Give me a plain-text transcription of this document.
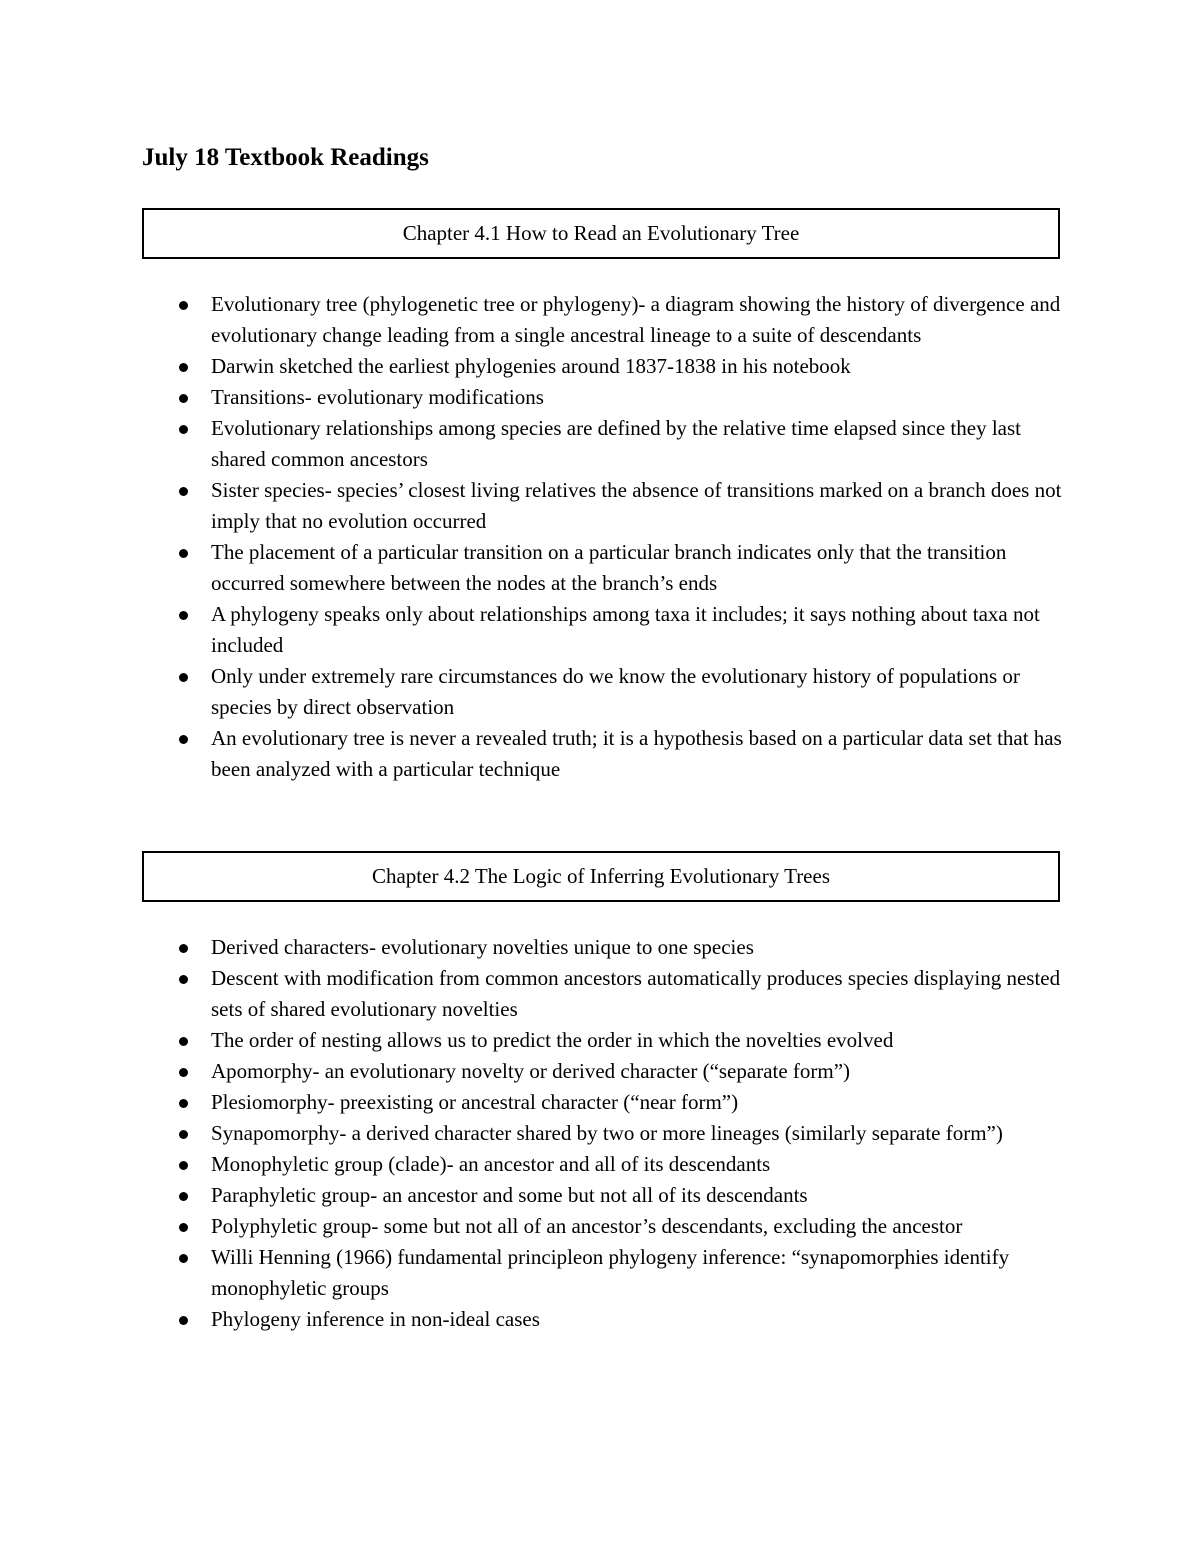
July 18 Textbook Readings
Chapter 4.1 How to Read an Evolutionary Tree
Evolutionary tree (phylogenetic tree or phylogeny)- a diagram showing the history of divergence and evolutionary change leading from a single ancestral lineage to a suite of descendants
Darwin sketched the earliest phylogenies around 1837-1838 in his notebook
Transitions- evolutionary modifications
Evolutionary relationships among species are defined by the relative time elapsed since they last shared common ancestors
Sister species- species’ closest living relatives the absence of transitions marked on a branch does not imply that no evolution occurred
The placement of a particular transition on a particular branch indicates only that the transition occurred somewhere between the nodes at the branch’s ends
A phylogeny speaks only about relationships among taxa it includes; it says nothing about taxa not included
Only under extremely rare circumstances do we know the evolutionary history of populations or species by direct observation
An evolutionary tree is never a revealed truth; it is a hypothesis based on a particular data set that has been analyzed with a particular technique
Chapter 4.2 The Logic of Inferring Evolutionary Trees
Derived characters- evolutionary novelties unique to one species
Descent with modification from common ancestors automatically produces species displaying nested sets of shared evolutionary novelties
The order of nesting allows us to predict the order in which the novelties evolved
Apomorphy- an evolutionary novelty or derived character (“separate form”)
Plesiomorphy- preexisting or ancestral character (“near form”)
Synapomorphy- a derived character shared by two or more lineages (similarly separate form”)
Monophyletic group (clade)- an ancestor and all of its descendants
Paraphyletic group- an ancestor and some but not all of its descendants
Polyphyletic group- some but not all of an ancestor’s descendants, excluding the ancestor
Willi Henning (1966) fundamental principleon phylogeny inference: “synapomorphies identify monophyletic groups
Phylogeny inference in non-ideal cases
